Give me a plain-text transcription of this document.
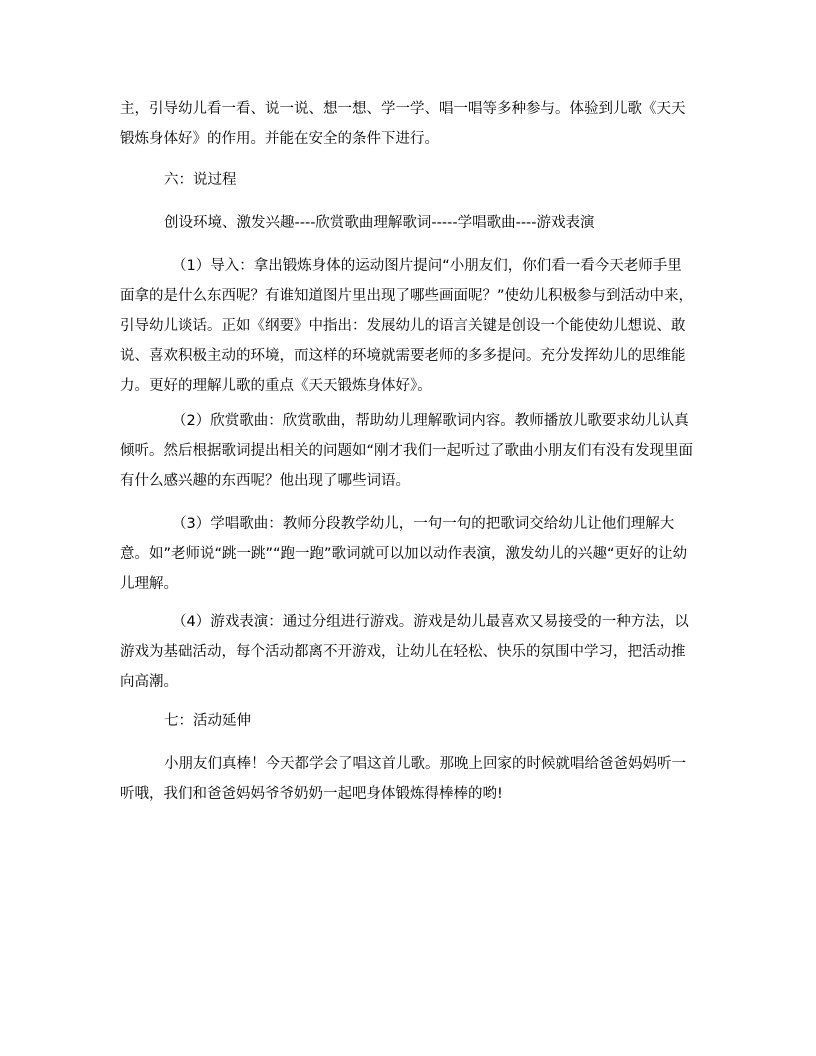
主，引导幼儿看一看、说一说、想一想、学一学、唱一唱等多种参与。体验到儿歌《天天锻炼身体好》的作用。并能在安全的条件下进行。

六：说过程

创设环境、激发兴趣----欣赏歌曲理解歌词-----学唱歌曲----游戏表演

（1）导入：拿出锻炼身体的运动图片提问“小朋友们，你们看一看今天老师手里面拿的是什么东西呢？有谁知道图片里出现了哪些画面呢？”使幼儿积极参与到活动中来，引导幼儿谈话。正如《纲要》中指出：发展幼儿的语言关键是创设一个能使幼儿想说、敢说、喜欢积极主动的环境，而这样的环境就需要老师的多多提问。充分发挥幼儿的思维能力。更好的理解儿歌的重点《天天锻炼身体好》。

（2）欣赏歌曲：欣赏歌曲，帮助幼儿理解歌词内容。教师播放儿歌要求幼儿认真倾听。然后根据歌词提出相关的问题如“刚才我们一起听过了歌曲小朋友们有没有发现里面有什么感兴趣的东西呢？他出现了哪些词语。

（3）学唱歌曲：教师分段教学幼儿，一句一句的把歌词交给幼儿让他们理解大意。如”老师说“跳一跳”“跑一跑”歌词就可以加以动作表演，激发幼儿的兴趣“更好的让幼儿理解。

（4）游戏表演：通过分组进行游戏。游戏是幼儿最喜欢又易接受的一种方法，以游戏为基础活动，每个活动都离不开游戏，让幼儿在轻松、快乐的氛围中学习，把活动推向高潮。

七：活动延伸

小朋友们真棒！今天都学会了唱这首儿歌。那晚上回家的时候就唱给爸爸妈妈听一听哦，我们和爸爸妈妈爷爷奶奶一起吧身体锻炼得棒棒的哟!
